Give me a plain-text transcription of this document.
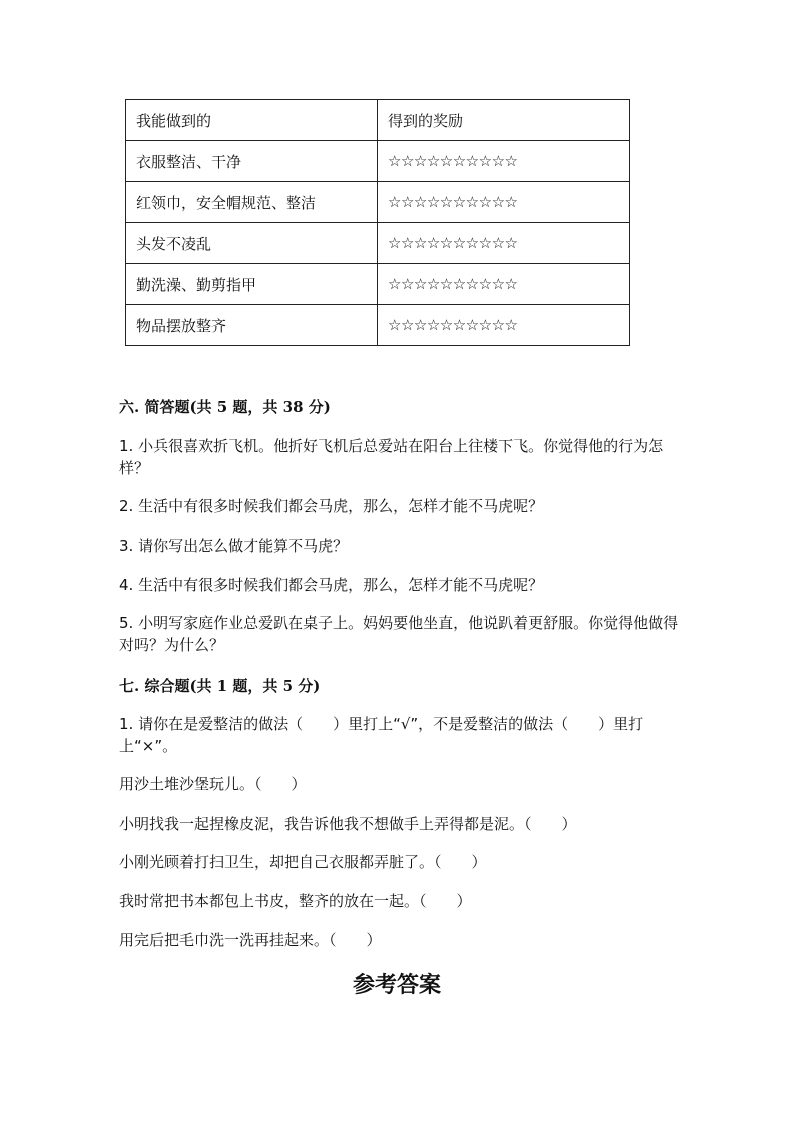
我能做到的	得到的奖励
衣服整洁、干净	☆☆☆☆☆☆☆☆☆☆
红领巾，安全帽规范、整洁	☆☆☆☆☆☆☆☆☆☆
头发不凌乱	☆☆☆☆☆☆☆☆☆☆
勤洗澡、勤剪指甲	☆☆☆☆☆☆☆☆☆☆
物品摆放整齐	☆☆☆☆☆☆☆☆☆☆
六. 简答题(共 5 题，共 38 分)
1. 小兵很喜欢折飞机。他折好飞机后总爱站在阳台上往楼下飞。你觉得他的行为怎样？
2. 生活中有很多时候我们都会马虎，那么，怎样才能不马虎呢？
3. 请你写出怎么做才能算不马虎？
4. 生活中有很多时候我们都会马虎，那么，怎样才能不马虎呢？
5. 小明写家庭作业总爱趴在桌子上。妈妈要他坐直，他说趴着更舒服。你觉得他做得对吗？为什么？
七. 综合题(共 1 题，共 5 分)
1. 请你在是爱整洁的做法（　　）里打上“√”，不是爱整洁的做法（　　）里打上“×”。
用沙土堆沙堡玩儿。（　　）
小明找我一起捏橡皮泥，我告诉他我不想做手上弄得都是泥。（　　）
小刚光顾着打扫卫生，却把自己衣服都弄脏了。（　　）
我时常把书本都包上书皮，整齐的放在一起。（　　）
用完后把毛巾洗一洗再挂起来。（　　）
参考答案
